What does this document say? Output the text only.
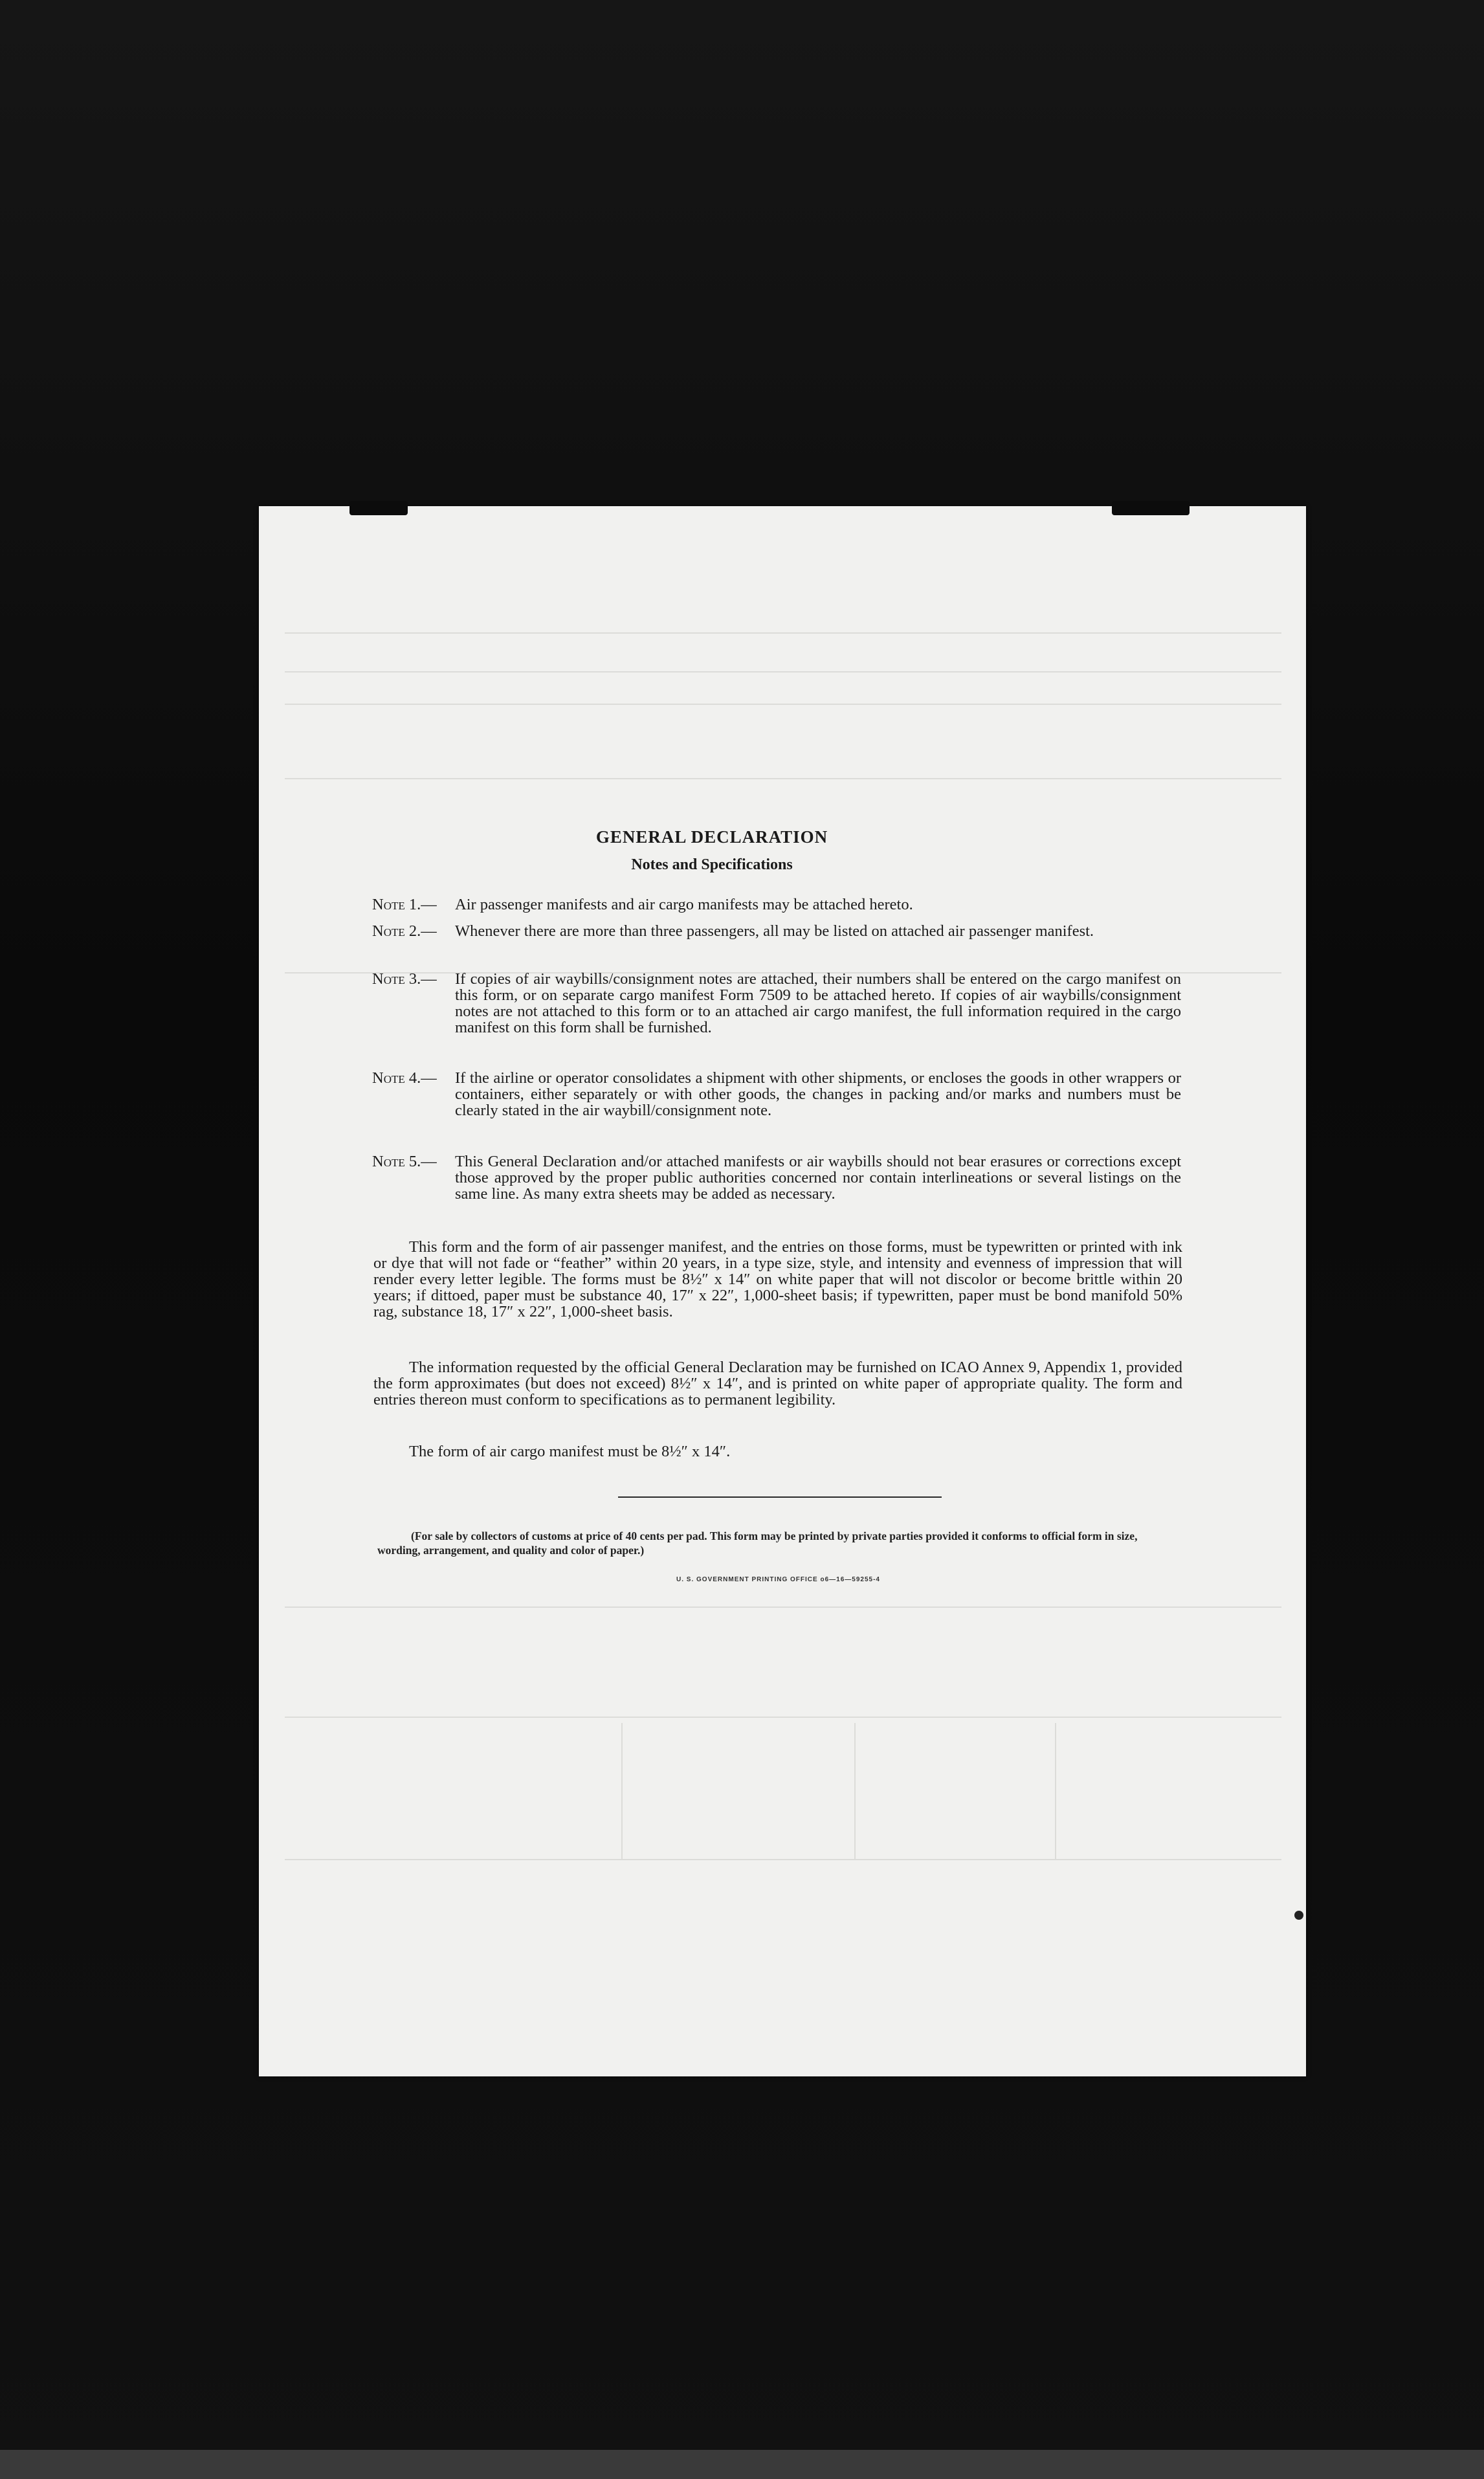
GENERAL DECLARATION
Notes and Specifications
Note 1.— Air passenger manifests and air cargo manifests may be attached hereto.
Note 2.— Whenever there are more than three passengers, all may be listed on attached air passenger manifest.
Note 3.— If copies of air waybills/consignment notes are attached, their numbers shall be entered on the cargo manifest on this form, or on separate cargo manifest Form 7509 to be attached hereto. If copies of air waybills/consignment notes are not attached to this form or to an attached air cargo manifest, the full information required in the cargo manifest on this form shall be furnished.
Note 4.— If the airline or operator consolidates a shipment with other shipments, or encloses the goods in other wrappers or containers, either separately or with other goods, the changes in packing and/or marks and numbers must be clearly stated in the air waybill/consignment note.
Note 5.— This General Declaration and/or attached manifests or air waybills should not bear erasures or corrections except those approved by the proper public authorities concerned nor contain interlineations or several listings on the same line. As many extra sheets may be added as necessary.
This form and the form of air passenger manifest, and the entries on those forms, must be typewritten or printed with ink or dye that will not fade or “feather” within 20 years, in a type size, style, and intensity and evenness of impression that will render every letter legible. The forms must be 8½″ x 14″ on white paper that will not discolor or become brittle within 20 years; if dittoed, paper must be substance 40, 17″ x 22″, 1,000-sheet basis; if typewritten, paper must be bond manifold 50% rag, substance 18, 17″ x 22″, 1,000-sheet basis.
The information requested by the official General Declaration may be furnished on ICAO Annex 9, Appendix 1, provided the form approximates (but does not exceed) 8½″ x 14″, and is printed on white paper of appropriate quality. The form and entries thereon must conform to specifications as to permanent legibility.
The form of air cargo manifest must be 8½″ x 14″.
(For sale by collectors of customs at price of 40 cents per pad. This form may be printed by private parties provided it conforms to official form in size, wording, arrangement, and quality and color of paper.)
U. S. GOVERNMENT PRINTING OFFICE o6—16—59255-4
